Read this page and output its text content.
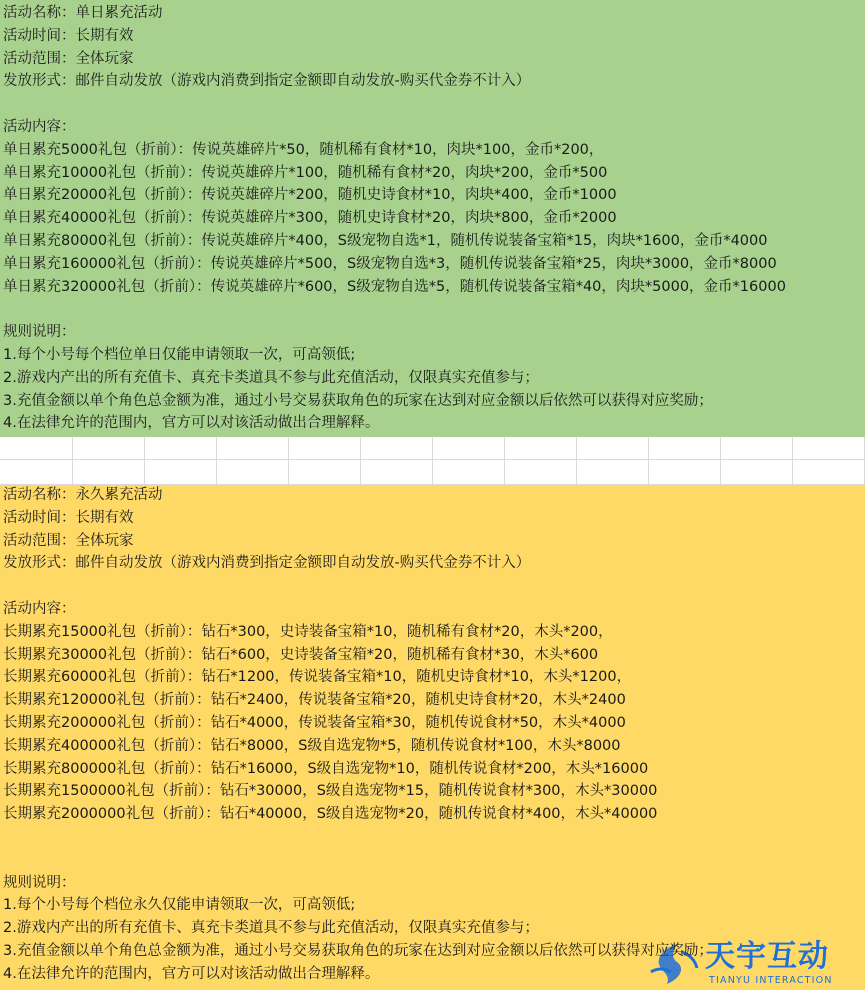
活动名称：单日累充活动
活动时间：长期有效
活动范围：全体玩家
发放形式：邮件自动发放（游戏内消费到指定金额即自动发放-购买代金券不计入）
活动内容：
单日累充5000礼包（折前）：传说英雄碎片*50，随机稀有食材*10，肉块*100，金币*200，
单日累充10000礼包（折前）：传说英雄碎片*100，随机稀有食材*20，肉块*200，金币*500
单日累充20000礼包（折前）：传说英雄碎片*200，随机史诗食材*10，肉块*400，金币*1000
单日累充40000礼包（折前）：传说英雄碎片*300，随机史诗食材*20，肉块*800，金币*2000
单日累充80000礼包（折前）：传说英雄碎片*400，S级宠物自选*1，随机传说装备宝箱*15，肉块*1600，金币*4000
单日累充160000礼包（折前）：传说英雄碎片*500，S级宠物自选*3，随机传说装备宝箱*25，肉块*3000，金币*8000
单日累充320000礼包（折前）：传说英雄碎片*600，S级宠物自选*5，随机传说装备宝箱*40，肉块*5000，金币*16000
规则说明：
1.每个小号每个档位单日仅能申请领取一次，可高领低;
2.游戏内产出的所有充值卡、真充卡类道具不参与此充值活动，仅限真实充值参与；
3.充值金额以单个角色总金额为准，通过小号交易获取角色的玩家在达到对应金额以后依然可以获得对应奖励；
4.在法律允许的范围内，官方可以对该活动做出合理解释。
天宇互动
TIANYU INTERACTION
活动名称：永久累充活动
活动时间：长期有效
活动范围：全体玩家
发放形式：邮件自动发放（游戏内消费到指定金额即自动发放-购买代金券不计入）
活动内容：
长期累充15000礼包（折前）：钻石*300，史诗装备宝箱*10，随机稀有食材*20，木头*200，
长期累充30000礼包（折前）：钻石*600，史诗装备宝箱*20，随机稀有食材*30，木头*600
长期累充60000礼包（折前）：钻石*1200，传说装备宝箱*10，随机史诗食材*10，木头*1200，
长期累充120000礼包（折前）：钻石*2400，传说装备宝箱*20，随机史诗食材*20，木头*2400
长期累充200000礼包（折前）：钻石*4000，传说装备宝箱*30，随机传说食材*50，木头*4000
长期累充400000礼包（折前）：钻石*8000，S级自选宠物*5，随机传说食材*100，木头*8000
长期累充800000礼包（折前）：钻石*16000，S级自选宠物*10，随机传说食材*200，木头*16000
长期累充1500000礼包（折前）：钻石*30000，S级自选宠物*15，随机传说食材*300，木头*30000
长期累充2000000礼包（折前）：钻石*40000，S级自选宠物*20，随机传说食材*400，木头*40000
规则说明：
1.每个小号每个档位永久仅能申请领取一次，可高领低;
2.游戏内产出的所有充值卡、真充卡类道具不参与此充值活动，仅限真实充值参与；
3.充值金额以单个角色总金额为准，通过小号交易获取角色的玩家在达到对应金额以后依然可以获得对应奖励；
4.在法律允许的范围内，官方可以对该活动做出合理解释。
